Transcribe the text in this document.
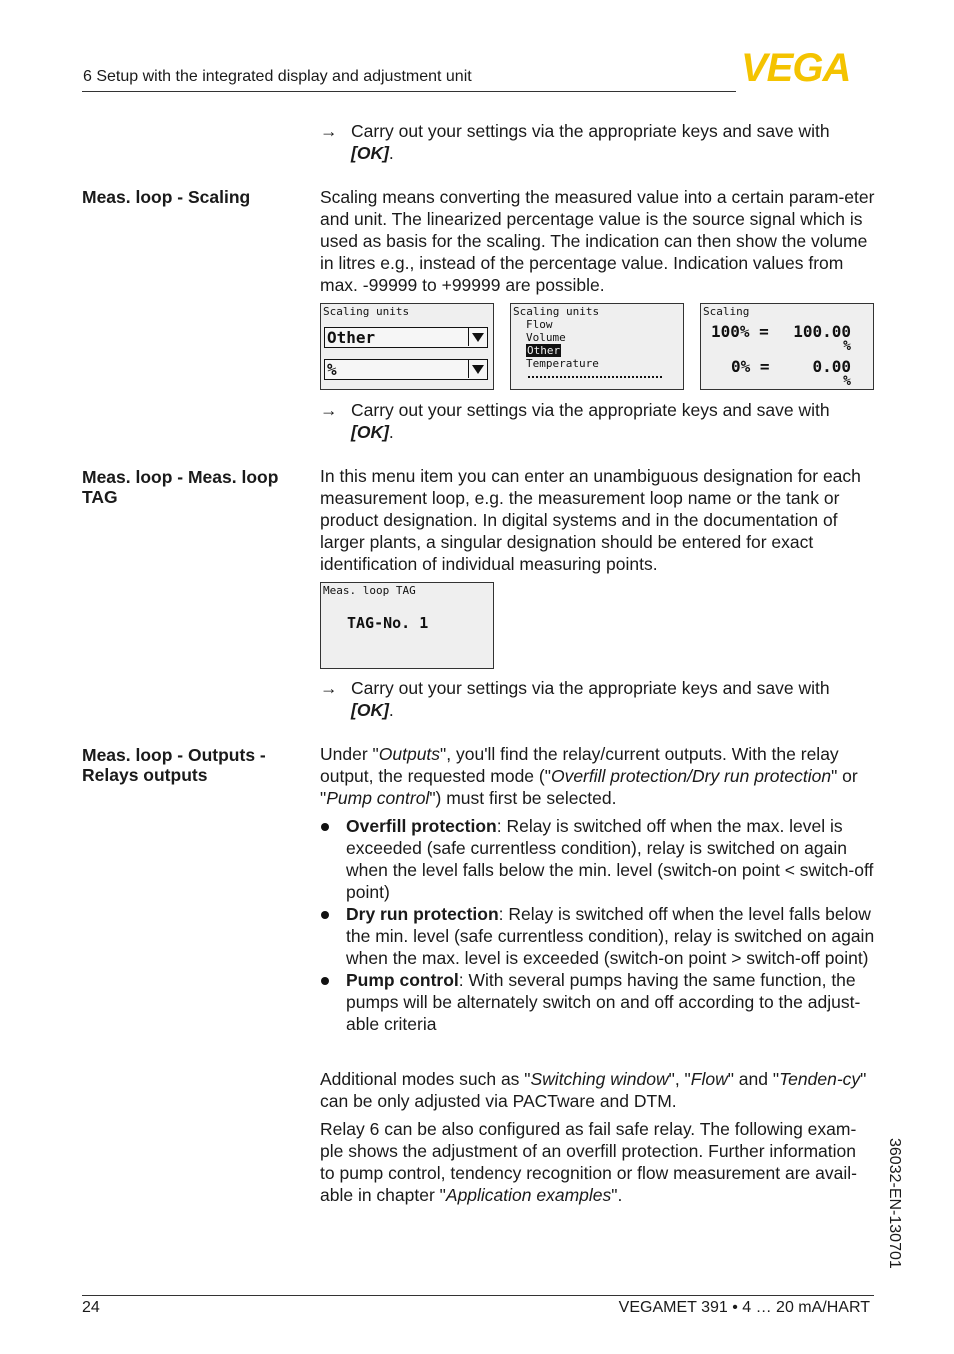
6 Setup with the integrated display and adjustment unit	VEGA
→ Carry out your settings via the appropriate keys and save with
[OK].
Meas. loop - Scaling	Scaling means converting the measured value into a certain param-eter and unit. The linearized percentage value is the source signal which is used as basis for the scaling. The indication can then show the volume in litres e.g., instead of the percentage value. Indication values from max. -99999 to +99999 are possible.
Scaling units
Other
%
Scaling units
Flow
Volume
Other
Temperature
Scaling
100% = 100.00
%
0% =	0.00
%
→ Carry out your settings via the appropriate keys and save with
[OK].
Meas. loop - Meas. loop TAG
In this menu item you can enter an unambiguous designation for each measurement loop, e.g. the measurement loop name or the tank or product designation. In digital systems and in the documentation of larger plants, a singular designation should be entered for exact identification of individual measuring points.
Meas. loop TAG
TAG-No. 1
→ Carry out your settings via the appropriate keys and save with
[OK].
Meas. loop - Outputs - Relays outputs
Under "Outputs", you'll find the relay/current outputs. With the relay output, the requested mode ("Overfill protection/Dry run protection" or "Pump control") must first be selected.
Overfill protection: Relay is switched off when the max. level is exceeded (safe currentless condition), relay is switched on again when the level falls below the min. level (switch-on point < switch-off point)
Dry run protection: Relay is switched off when the level falls below the min. level (safe currentless condition), relay is switched on again when the max. level is exceeded (switch-on point > switch-off point)
Pump control: With several pumps having the same function, the pumps will be alternately switch on and off according to the adjust-able criteria
Additional modes such as "Switching window", "Flow" and "Tenden-cy" can be only adjusted via PACTware and DTM.
Relay 6 can be also configured as fail safe relay. The following exam-ple shows the adjustment of an overfill protection. Further information to pump control, tendency recognition or flow measurement are avail-able in chapter "Application examples".	36032-EN-130701
24	VEGAMET 391 • 4 … 20 mA/HART
